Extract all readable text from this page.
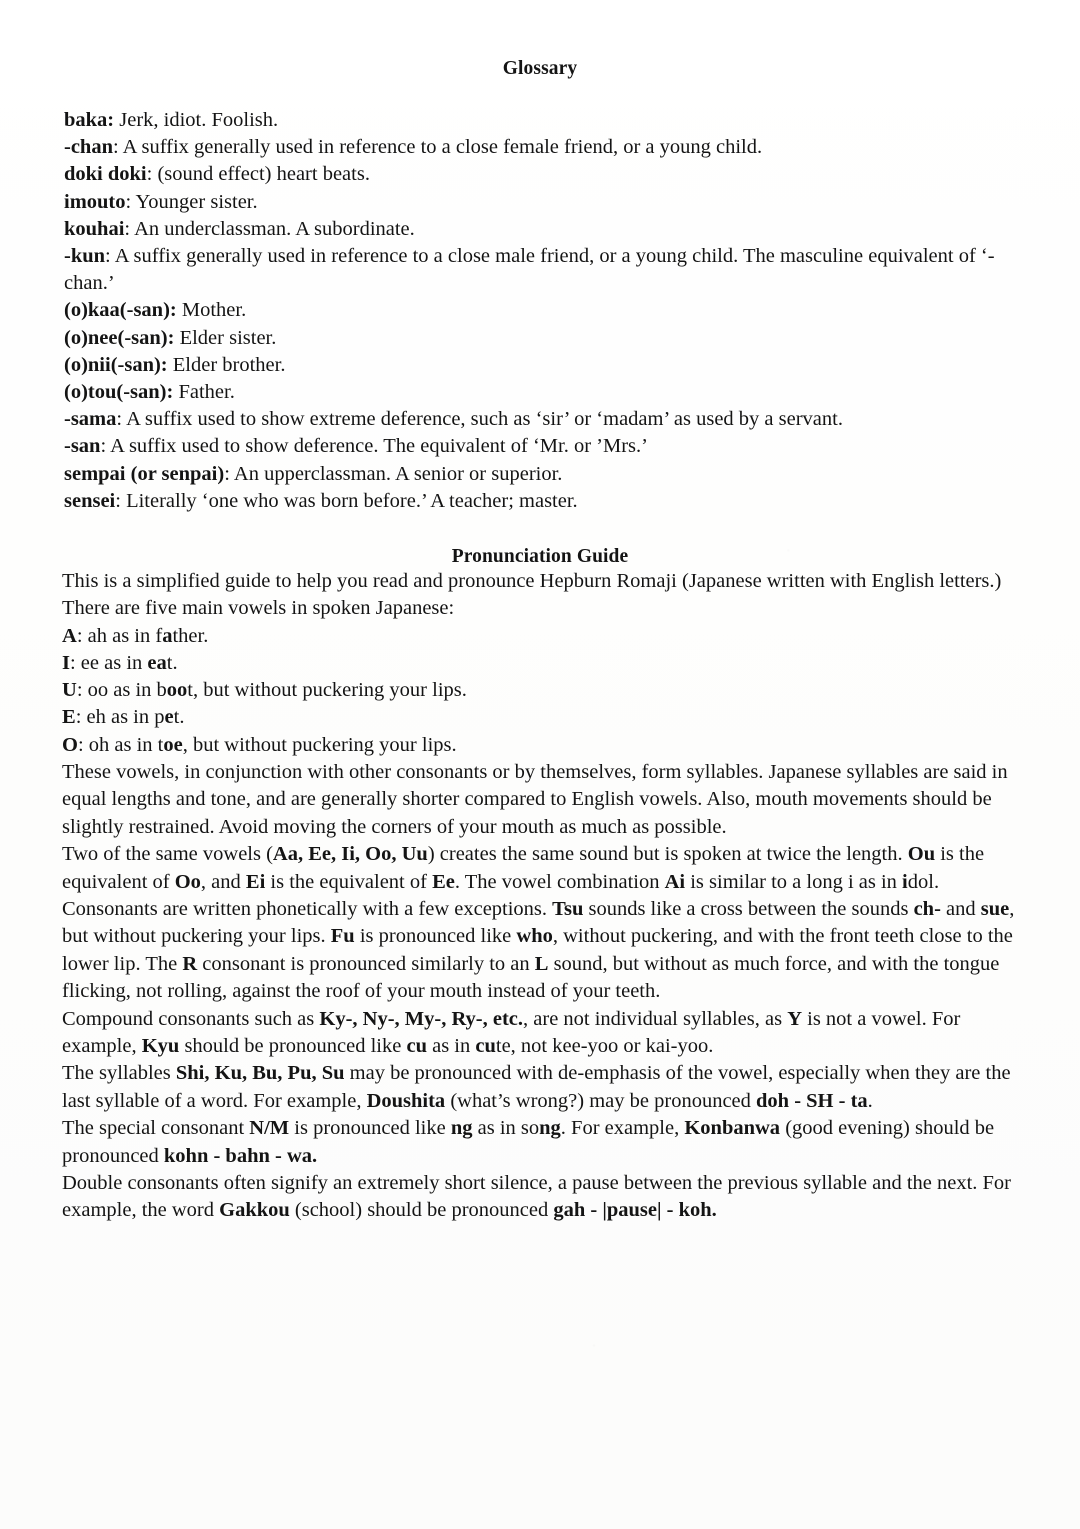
Glossary

baka: Jerk, idiot. Foolish.

-chan: A suffix generally used in reference to a close female friend, or a young child.

doki doki: (sound effect) heart beats.

imouto: Younger sister.

kouhai: An underclassman. A subordinate.

-kun: A suffix generally used in reference to a close male friend, or a young child. The masculine equivalent of ‘-chan.’

(o)kaa(-san): Mother.

(o)nee(-san): Elder sister.

(o)nii(-san): Elder brother.

(o)tou(-san): Father.

-sama: A suffix used to show extreme deference, such as ‘sir’ or ‘madam’ as used by a servant.

-san: A suffix used to show deference. The equivalent of ‘Mr. or ’Mrs.’

sempai (or senpai): An upperclassman. A senior or superior.

sensei: Literally ‘one who was born before.’ A teacher; master.

Pronunciation Guide

This is a simplified guide to help you read and pronounce Hepburn Romaji (Japanese written with English letters.)

There are five main vowels in spoken Japanese:

A: ah as in father.

I: ee as in eat.

U: oo as in boot, but without puckering your lips.

E: eh as in pet.

O: oh as in toe, but without puckering your lips.

These vowels, in conjunction with other consonants or by themselves, form syllables. Japanese syllables are said in equal lengths and tone, and are generally shorter compared to English vowels. Also, mouth movements should be slightly restrained. Avoid moving the corners of your mouth as much as possible.

Two of the same vowels (Aa, Ee, Ii, Oo, Uu) creates the same sound but is spoken at twice the length. Ou is the equivalent of Oo, and Ei is the equivalent of Ee. The vowel combination Ai is similar to a long i as in idol.

Consonants are written phonetically with a few exceptions. Tsu sounds like a cross between the sounds ch- and sue, but without puckering your lips. Fu is pronounced like who, without puckering, and with the front teeth close to the lower lip. The R consonant is pronounced similarly to an L sound, but without as much force, and with the tongue flicking, not rolling, against the roof of your mouth instead of your teeth.

Compound consonants such as Ky-, Ny-, My-, Ry-, etc., are not individual syllables, as Y is not a vowel. For example, Kyu should be pronounced like cu as in cute, not kee-yoo or kai-yoo.

The syllables Shi, Ku, Bu, Pu, Su may be pronounced with de-emphasis of the vowel, especially when they are the last syllable of a word. For example, Doushita (what’s wrong?) may be pronounced doh - SH - ta.

The special consonant N/M is pronounced like ng as in song. For example, Konbanwa (good evening) should be pronounced kohn - bahn - wa.

Double consonants often signify an extremely short silence, a pause between the previous syllable and the next. For example, the word Gakkou (school) should be pronounced gah - |pause| - koh.
